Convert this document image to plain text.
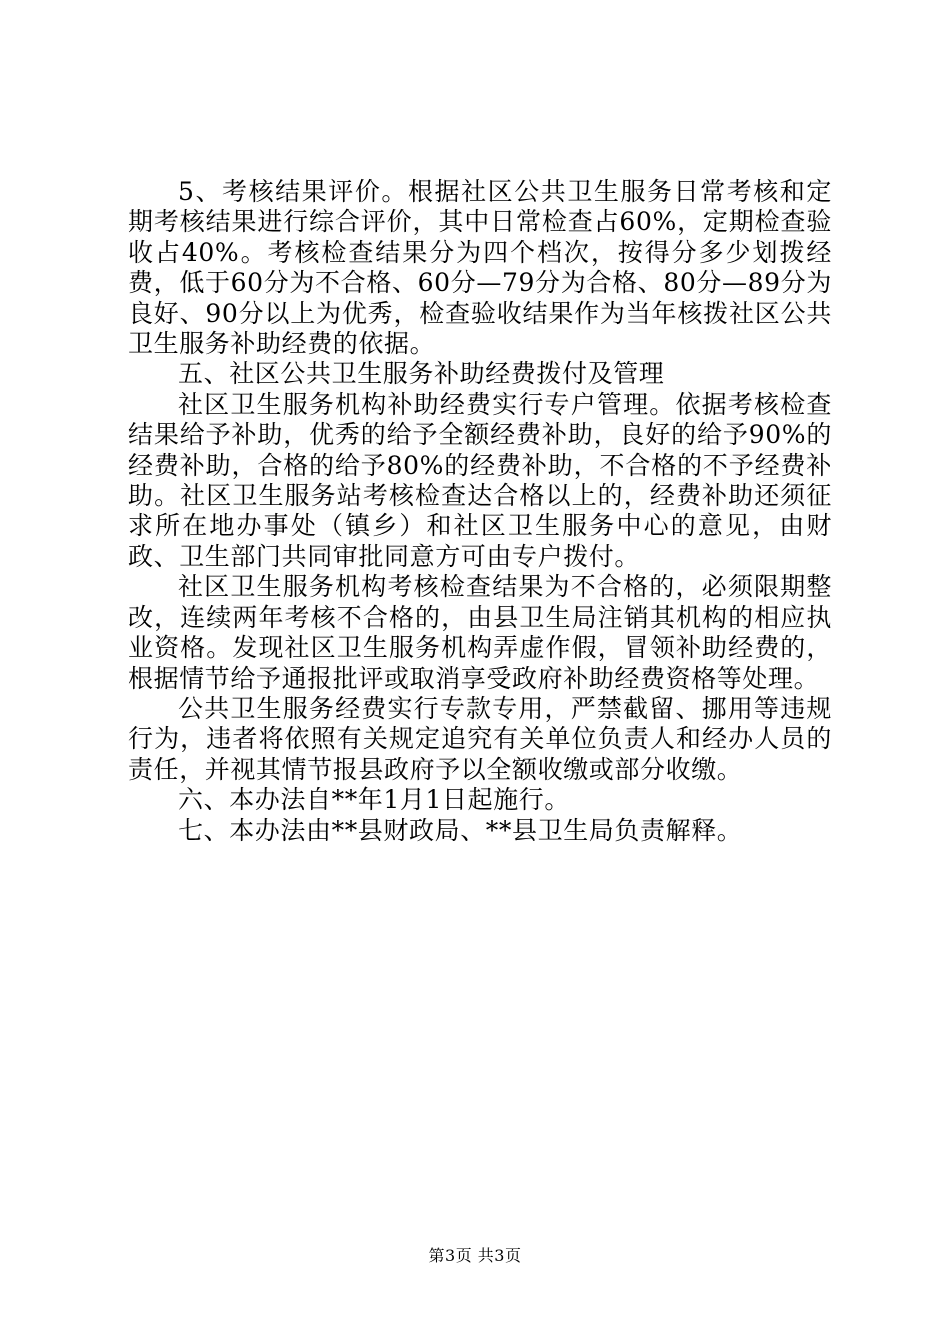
5、考核结果评价。根据社区公共卫生服务日常考核和定期考核结果进行综合评价，其中日常检查占60%，定期检查验收占40%。考核检查结果分为四个档次，按得分多少划拨经费，低于60分为不合格、60分—79分为合格、80分—89分为良好、90分以上为优秀，检查验收结果作为当年核拨社区公共卫生服务补助经费的依据。

五、社区公共卫生服务补助经费拨付及管理

社区卫生服务机构补助经费实行专户管理。依据考核检查结果给予补助，优秀的给予全额经费补助，良好的给予90%的经费补助，合格的给予80%的经费补助，不合格的不予经费补助。社区卫生服务站考核检查达合格以上的，经费补助还须征求所在地办事处（镇乡）和社区卫生服务中心的意见，由财政、卫生部门共同审批同意方可由专户拨付。

社区卫生服务机构考核检查结果为不合格的，必须限期整改，连续两年考核不合格的，由县卫生局注销其机构的相应执业资格。发现社区卫生服务机构弄虚作假，冒领补助经费的，根据情节给予通报批评或取消享受政府补助经费资格等处理。

公共卫生服务经费实行专款专用，严禁截留、挪用等违规行为，违者将依照有关规定追究有关单位负责人和经办人员的责任，并视其情节报县政府予以全额收缴或部分收缴。

六、本办法自**年1月1日起施行。

七、本办法由**县财政局、**县卫生局负责解释。

第3页 共3页
